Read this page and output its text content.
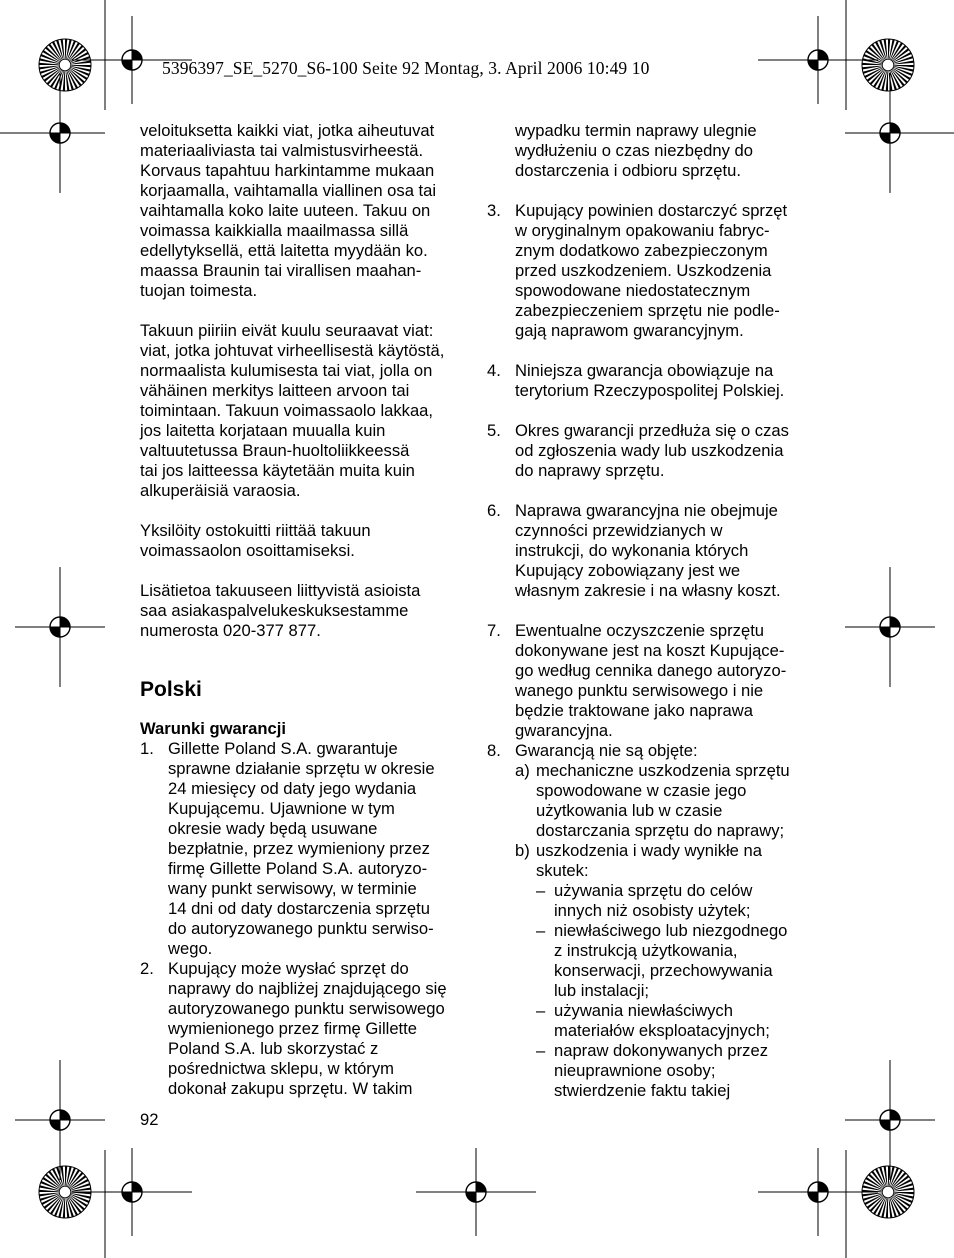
5396397_SE_5270_S6-100 Seite 92 Montag, 3. April 2006 10:49 10
veloituksetta kaikki viat, jotka aiheutuvat
materiaaliviasta tai valmistusvirheestä.
Korvaus tapahtuu harkintamme mukaan
korjaamalla, vaihtamalla viallinen osa tai
vaihtamalla koko laite uuteen. Takuu on
voimassa kaikkialla maailmassa sillä
edellytyksellä, että laitetta myydään ko.
maassa Braunin tai virallisen maahan-
tuojan toimesta.
Takuun piiriin eivät kuulu seuraavat viat:
viat, jotka johtuvat virheellisestä käytöstä,
normaalista kulumisesta tai viat, jolla on
vähäinen merkitys laitteen arvoon tai
toimintaan. Takuun voimassaolo lakkaa,
jos laitetta korjataan muualla kuin
valtuutetussa Braun-huoltoliikkeessä
tai jos laitteessa käytetään muita kuin
alkuperäisiä varaosia.
Yksilöity ostokuitti riittää takuun
voimassaolon osoittamiseksi.
Lisätietoa takuuseen liittyvistä asioista
saa asiakaspalvelukeskuksestamme
numerosta 020-377 877.
Polski
Warunki gwarancji
1. Gillette Poland S.A. gwarantuje
sprawne działanie sprzętu w okresie
24 miesięcy od daty jego wydania
Kupującemu. Ujawnione w tym
okresie wady będą usuwane
bezpłatnie, przez wymieniony przez
firmę Gillette Poland S.A. autoryzo-
wany punkt serwisowy, w terminie
14 dni od daty dostarczenia sprzętu
do autoryzowanego punktu serwiso-
wego.
2. Kupujący może wysłać sprzęt do
naprawy do najbliżej znajdującego się
autoryzowanego punktu serwisowego
wymienionego przez firmę Gillette
Poland S.A. lub skorzystać z
pośrednictwa sklepu, w którym
dokonał zakupu sprzętu. W takim
wypadku termin naprawy ulegnie
wydłużeniu o czas niezbędny do
dostarczenia i odbioru sprzętu.
3. Kupujący powinien dostarczyć sprzęt
w oryginalnym opakowaniu fabryc-
znym dodatkowo zabezpieczonym
przed uszkodzeniem. Uszkodzenia
spowodowane niedostatecznym
zabezpieczeniem sprzętu nie podle-
gają naprawom gwarancyjnym.
4. Niniejsza gwarancja obowiązuje na
terytorium Rzeczypospolitej Polskiej.
5. Okres gwarancji przedłuża się o czas
od zgłoszenia wady lub uszkodzenia
do naprawy sprzętu.
6. Naprawa gwarancyjna nie obejmuje
czynności przewidzianych w
instrukcji, do wykonania których
Kupujący zobowiązany jest we
własnym zakresie i na własny koszt.
7. Ewentualne oczyszczenie sprzętu
dokonywane jest na koszt Kupujące-
go według cennika danego autoryzo-
wanego punktu serwisowego i nie
będzie traktowane jako naprawa
gwarancyjna.
8. Gwarancją nie są objęte:
a) mechaniczne uszkodzenia sprzętu
spowodowane w czasie jego
użytkowania lub w czasie
dostarczania sprzętu do naprawy;
b) uszkodzenia i wady wynikłe na
skutek:
– używania sprzętu do celów
innych niż osobisty użytek;
– niewłaściwego lub niezgodnego
z instrukcją użytkowania,
konserwacji, przechowywania
lub instalacji;
– używania niewłaściwych
materiałów eksploatacyjnych;
– napraw dokonywanych przez
nieuprawnione osoby;
stwierdzenie faktu takiej
92
